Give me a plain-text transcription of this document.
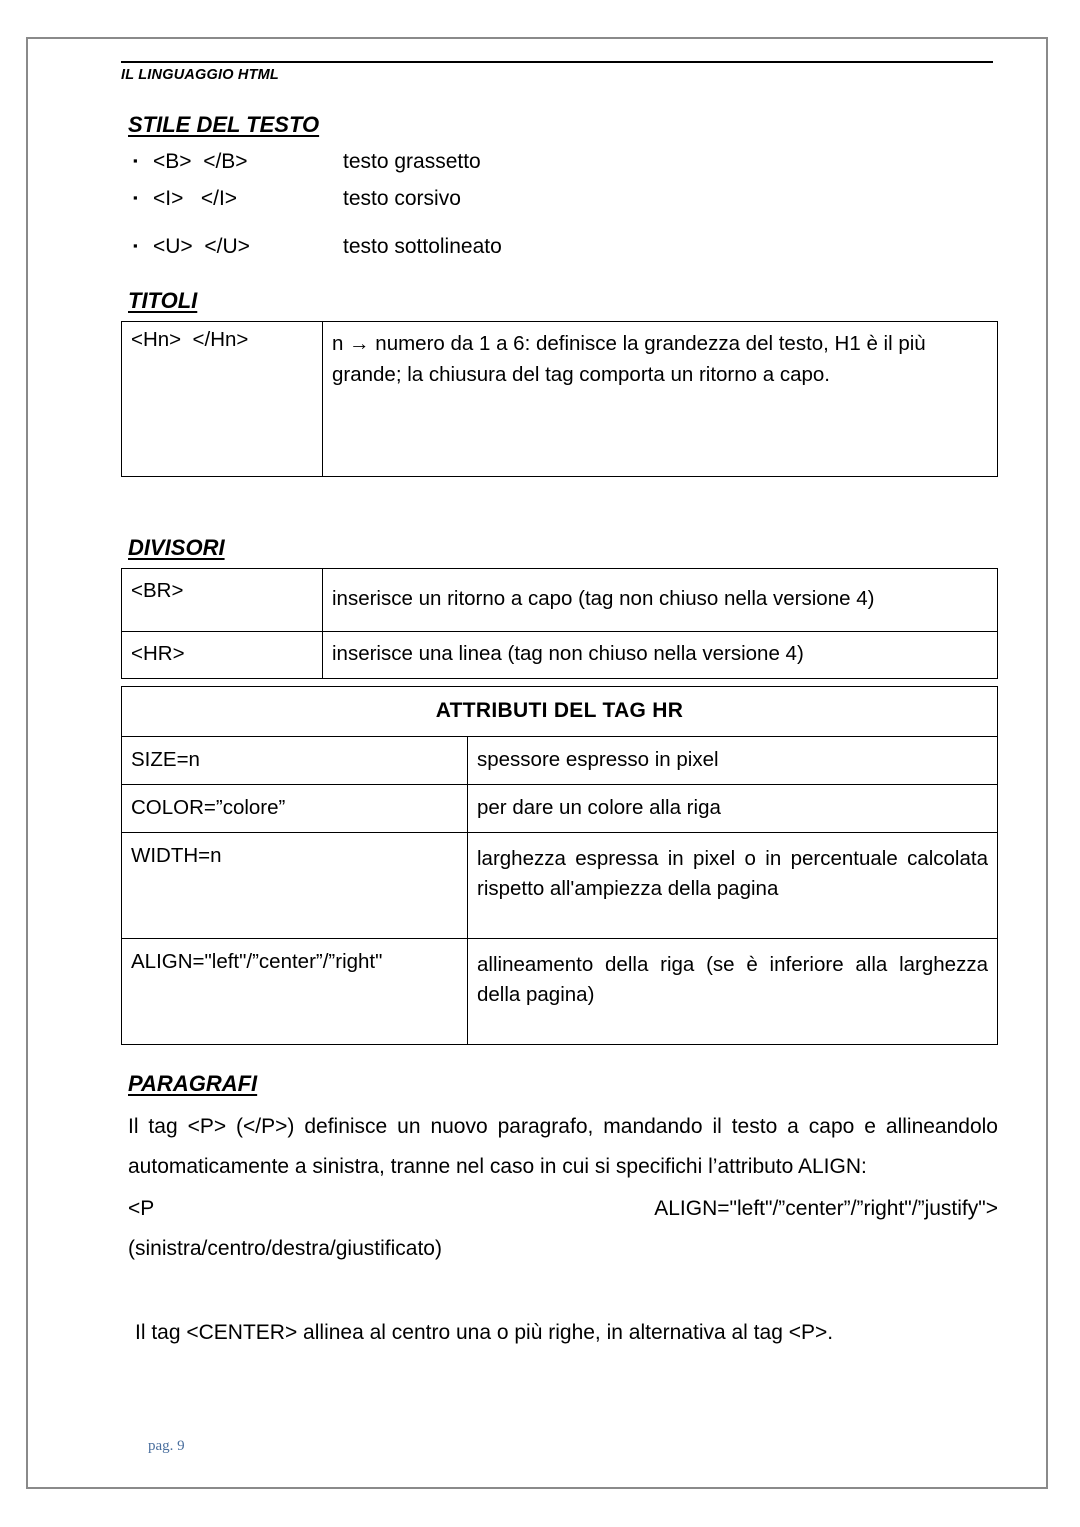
IL LINGUAGGIO HTML
STILE DEL TESTO
▪ <B>  </B>	testo grassetto
▪ <I>   </I>	testo corsivo
▪ <U>  </U>	testo sottolineato
TITOLI
<Hn>  </Hn>	n → numero da 1 a 6: definisce la grandezza del testo, H1 è il più grande; la chiusura del tag comporta un ritorno a capo.
DIVISORI
<BR>	inserisce un ritorno a capo (tag non chiuso nella versione 4)
<HR>	inserisce una linea (tag non chiuso nella versione 4)
ATTRIBUTI DEL TAG HR	
SIZE=n	spessore espresso in pixel
COLOR=”colore”	per dare un colore alla riga
WIDTH=n	larghezza espressa in pixel o in percentuale calcolata rispetto all'ampiezza della pagina
ALIGN="left"/”center”/”right"	allineamento della riga (se è inferiore alla larghezza della pagina)
PARAGRAFI
Il tag <P> (</P>) definisce un nuovo paragrafo, mandando il testo a capo e allineandolo automaticamente a sinistra, tranne nel caso in cui si specifichi l’attributo ALIGN:
<P	ALIGN="left"/”center”/”right"/”justify">
(sinistra/centro/destra/giustificato)
Il tag <CENTER> allinea al centro una o più righe, in alternativa al tag <P>.
pag. 9
